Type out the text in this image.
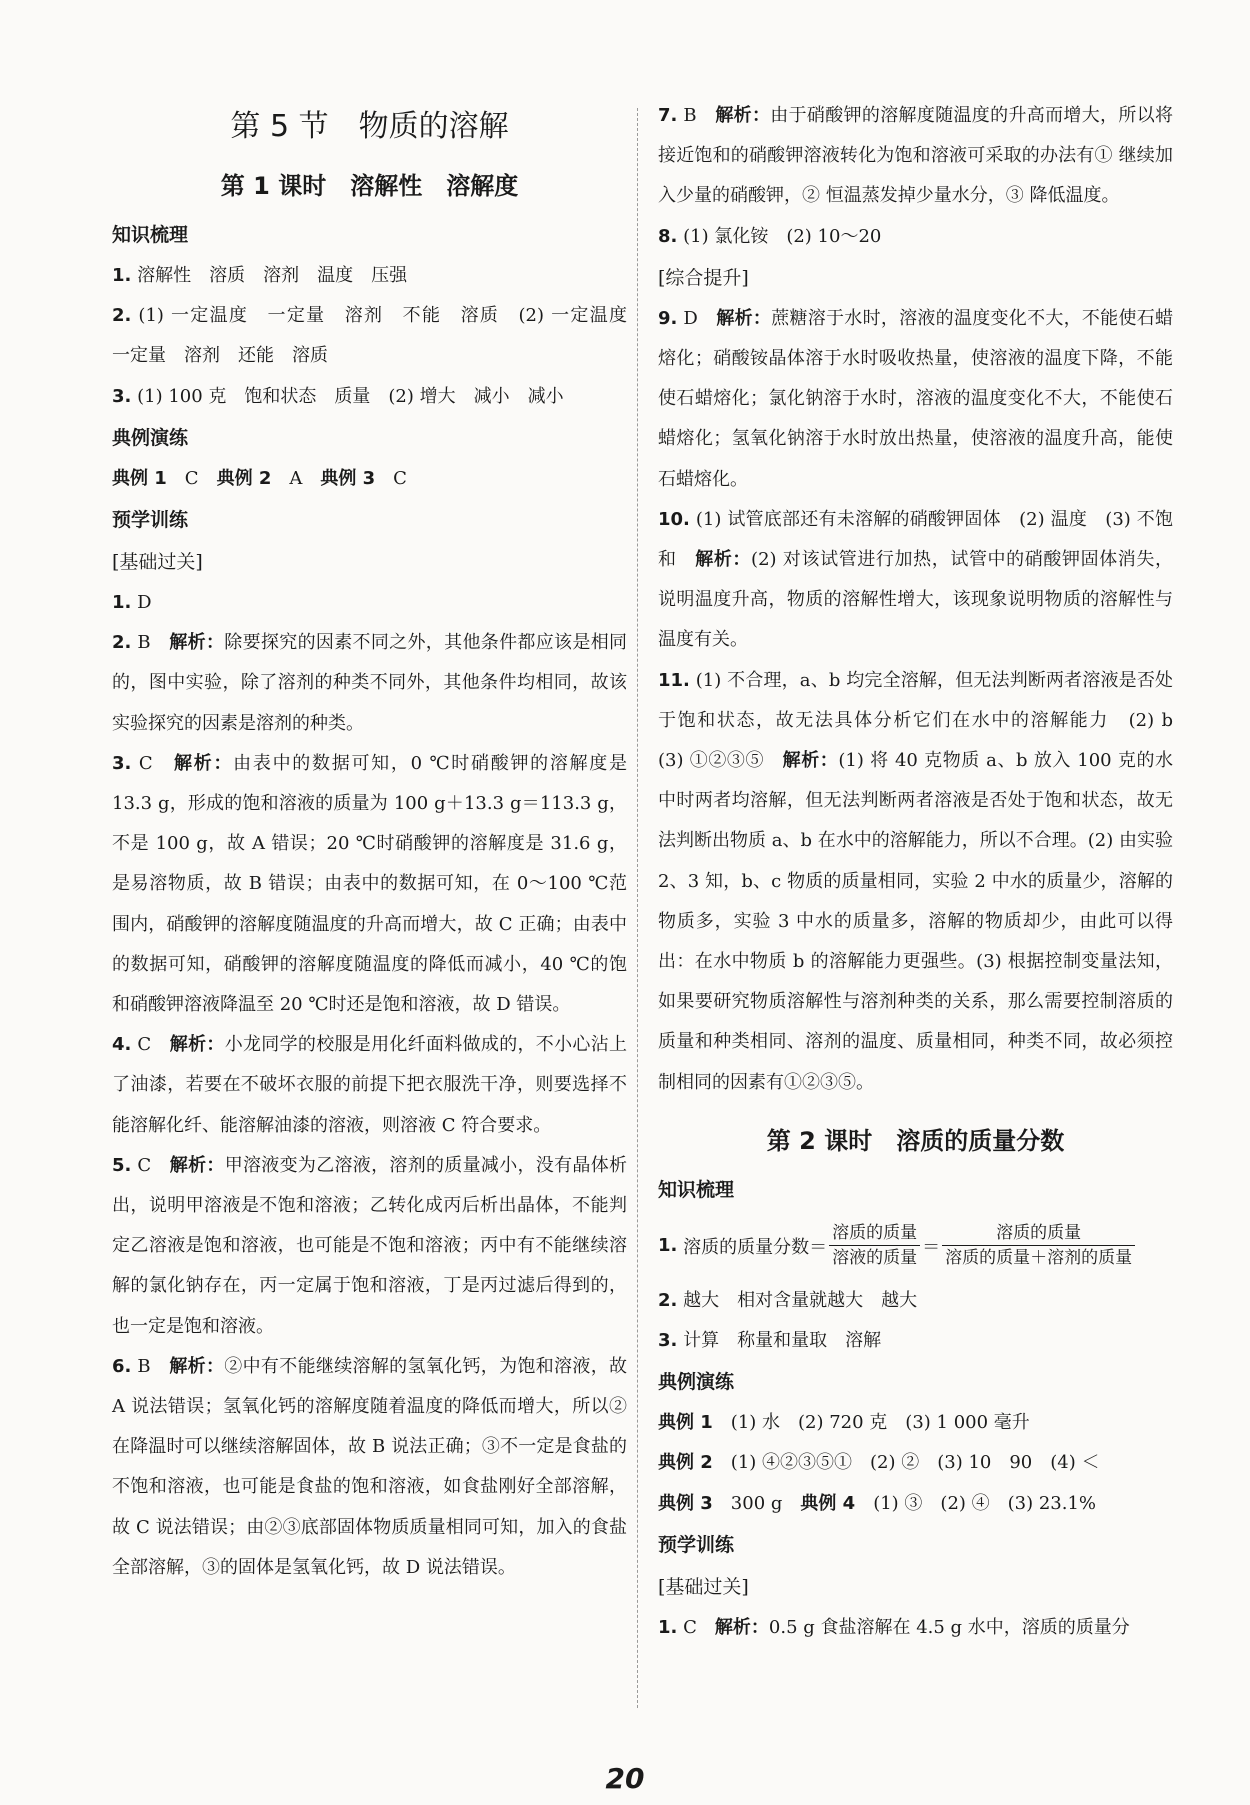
第 5 节　物质的溶解
第 1 课时　溶解性　溶解度
知识梳理

1. 溶解性　溶质　溶剂　温度　压强

2. (1) 一定温度　一定量　溶剂　不能　溶质　(2) 一定温度　一定量　溶剂　还能　溶质

3. (1) 100 克　饱和状态　质量　(2) 增大　减小　减小

典例演练

典例 1　 C　 典例 2　 A　 典例 3　 C

预学训练
[基础过关]

1. D

2. B　 解析：除要探究的因素不同之外，其他条件都应该是相同的，图中实验，除了溶剂的种类不同外，其他条件均相同，故该实验探究的因素是溶剂的种类。

3. C　 解析：由表中的数据可知，0 ℃时硝酸钾的溶解度是 13.3 g，形成的饱和溶液的质量为 100 g＋13.3 g＝113.3 g，不是 100 g，故 A 错误；20 ℃时硝酸钾的溶解度是 31.6 g，是易溶物质，故 B 错误；由表中的数据可知，在 0～100 ℃范围内，硝酸钾的溶解度随温度的升高而增大，故 C 正确；由表中的数据可知，硝酸钾的溶解度随温度的降低而减小，40 ℃的饱和硝酸钾溶液降温至 20 ℃时还是饱和溶液，故 D 错误。

4. C　 解析：小龙同学的校服是用化纤面料做成的，不小心沾上了油漆，若要在不破坏衣服的前提下把衣服洗干净，则要选择不能溶解化纤、能溶解油漆的溶液，则溶液 C 符合要求。

5. C　 解析：甲溶液变为乙溶液，溶剂的质量减小，没有晶体析出，说明甲溶液是不饱和溶液；乙转化成丙后析出晶体，不能判定乙溶液是饱和溶液，也可能是不饱和溶液；丙中有不能继续溶解的氯化钠存在，丙一定属于饱和溶液，丁是丙过滤后得到的，也一定是饱和溶液。

6. B　 解析：②中有不能继续溶解的氢氧化钙，为饱和溶液，故 A 说法错误；氢氧化钙的溶解度随着温度的降低而增大，所以②在降温时可以继续溶解固体，故 B 说法正确；③不一定是食盐的不饱和溶液，也可能是食盐的饱和溶液，如食盐刚好全部溶解，故 C 说法错误；由②③底部固体物质质量相同可知，加入的食盐全部溶解，③的固体是氢氧化钙，故 D 说法错误。

7. B　 解析：由于硝酸钾的溶解度随温度的升高而增大，所以将接近饱和的硝酸钾溶液转化为饱和溶液可采取的办法有① 继续加入少量的硝酸钾，② 恒温蒸发掉少量水分，③ 降低温度。

8. (1) 氯化铵　(2) 10～20

[综合提升]

9. D　 解析：蔗糖溶于水时，溶液的温度变化不大，不能使石蜡熔化；硝酸铵晶体溶于水时吸收热量，使溶液的温度下降，不能使石蜡熔化；氯化钠溶于水时，溶液的温度变化不大，不能使石蜡熔化；氢氧化钠溶于水时放出热量，使溶液的温度升高，能使石蜡熔化。

10. (1) 试管底部还有未溶解的硝酸钾固体　(2) 温度　(3) 不饱和　 解析：(2) 对该试管进行加热，试管中的硝酸钾固体消失，说明温度升高，物质的溶解性增大，该现象说明物质的溶解性与温度有关。

11. (1) 不合理，a、b 均完全溶解，但无法判断两者溶液是否处于饱和状态，故无法具体分析它们在水中的溶解能力　(2) b　(3) ①②③⑤　 解析：(1) 将 40 克物质 a、b 放入 100 克的水中时两者均溶解，但无法判断两者溶液是否处于饱和状态，故无法判断出物质 a、b 在水中的溶解能力，所以不合理。(2) 由实验 2、3 知，b、c 物质的质量相同，实验 2 中水的质量少，溶解的物质多，实验 3 中水的质量多，溶解的物质却少，由此可以得出：在水中物质 b 的溶解能力更强些。(3) 根据控制变量法知，如果要研究物质溶解性与溶剂种类的关系，那么需要控制溶质的质量和种类相同、溶剂的温度、质量相同，种类不同，故必须控制相同的因素有①②③⑤。

第 2 课时　溶质的质量分数
知识梳理
1.
溶质的质量分数＝ $\frac{\text{溶质的质量}}{\text{溶液的质量}} = \frac{\text{溶质的质量}}{\text{溶质的质量＋溶剂的质量}}$

2. 越大　相对含量就越大　越大

3. 计算　称量和量取　溶解

典例演练

典例 1　 (1) 水　(2) 720 克　(3) 1 000 毫升

典例 2　 (1) ④②③⑤①　(2) ②　(3) 10　90　(4) ＜

典例 3　 300 g　 典例 4　 (1) ③　(2) ④　(3) 23.1%

预学训练
[基础过关]

1. C　 解析：0.5 g 食盐溶解在 4.5 g 水中，溶质的质量分

20
